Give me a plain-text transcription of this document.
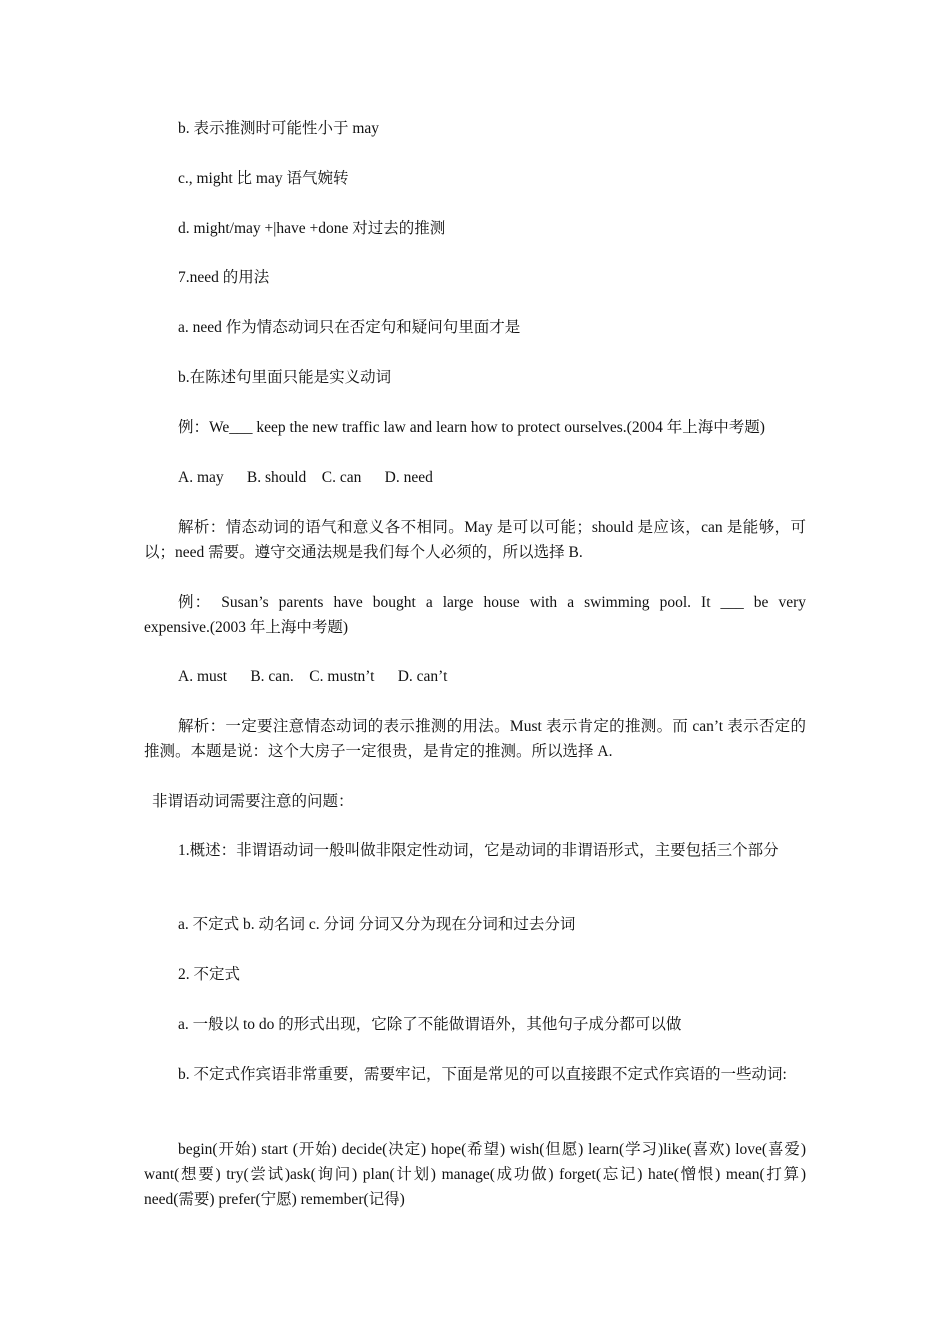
b. 表示推测时可能性小于 may
c., might 比 may 语气婉转
d. might/may +|have +done 对过去的推测
7.need 的用法
a. need 作为情态动词只在否定句和疑问句里面才是
b.在陈述句里面只能是实义动词
例：We___ keep the new traffic law and learn how to protect ourselves.(2004 年上海中考题)
A. may      B. should    C. can      D. need
解析：情态动词的语气和意义各不相同。May 是可以可能；should 是应该，can 是能够，可以；need 需要。遵守交通法规是我们每个人必须的，所以选择 B.
例：  Susan’s  parents  have  bought  a  large  house  with  a  swimming  pool.  It  ___  be  very expensive.(2003 年上海中考题)
A. must      B. can.    C. mustn’t      D. can’t
解析：一定要注意情态动词的表示推测的用法。Must 表示肯定的推测。而 can’t 表示否定的推测。本题是说：这个大房子一定很贵，是肯定的推测。所以选择 A.
非谓语动词需要注意的问题：
1.概述：非谓语动词一般叫做非限定性动词，它是动词的非谓语形式，主要包括三个部分
a. 不定式 b. 动名词 c. 分词 分词又分为现在分词和过去分词
2. 不定式
a. 一般以 to do 的形式出现，它除了不能做谓语外，其他句子成分都可以做
b. 不定式作宾语非常重要，需要牢记，下面是常见的可以直接跟不定式作宾语的一些动词:
begin(开始) start (开始) decide(决定) hope(希望) wish(但愿) learn(学习)like(喜欢) love(喜爱) want(想要) try(尝试)ask(询问) plan(计划) manage(成功做) forget(忘记) hate(憎恨) mean(打算) need(需要) prefer(宁愿) remember(记得)
